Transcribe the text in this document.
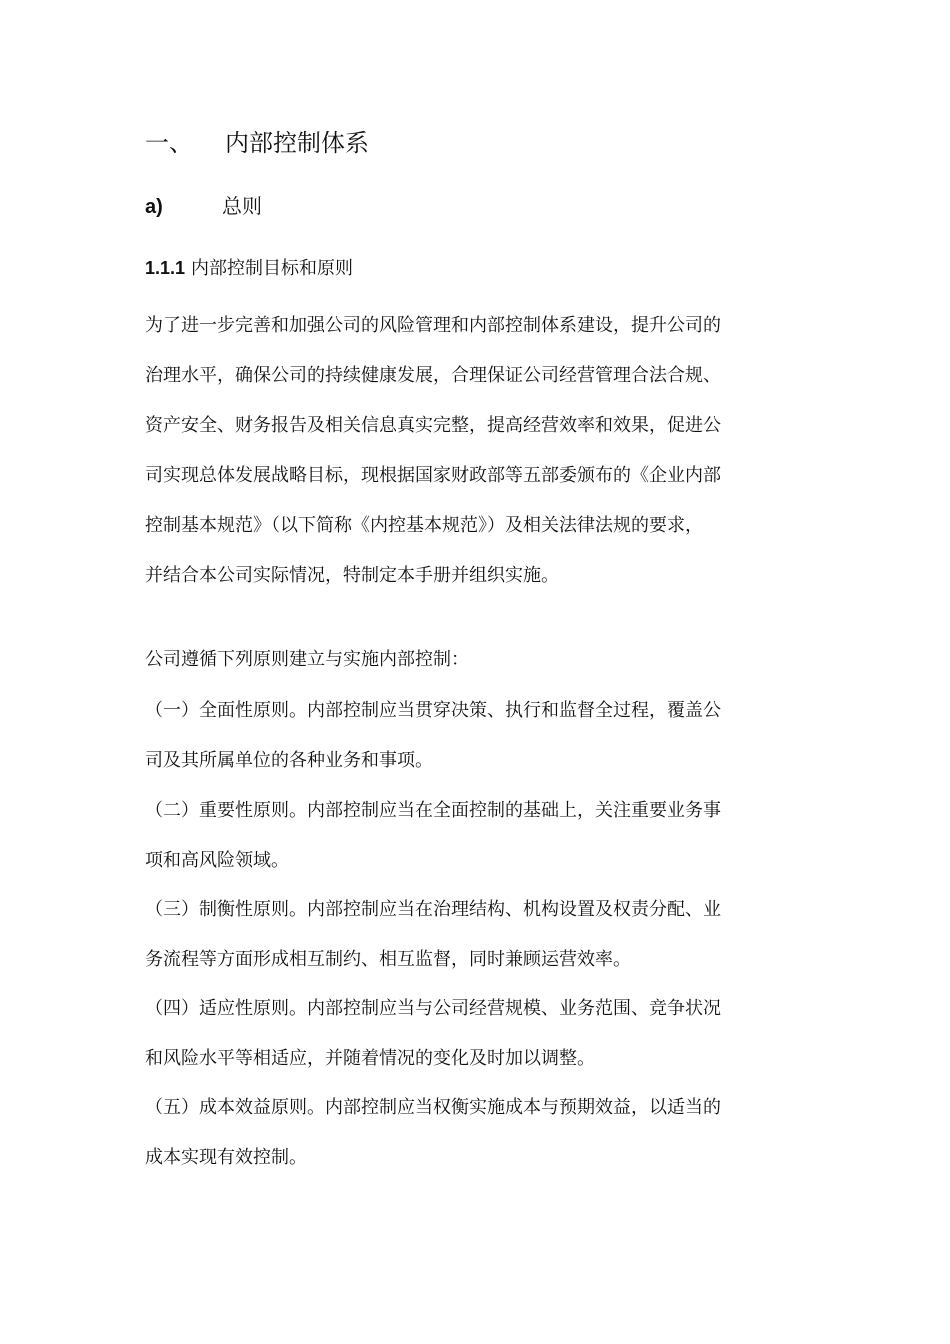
一、 内部控制体系
a)	总则
1.1.1 内部控制目标和原则

为了进一步完善和加强公司的风险管理和内部控制体系建设，提升公司的
治理水平，确保公司的持续健康发展，合理保证公司经营管理合法合规、
资产安全、财务报告及相关信息真实完整，提高经营效率和效果，促进公
司实现总体发展战略目标，现根据国家财政部等五部委颁布的《企业内部
控制基本规范》（以下简称《内控基本规范》）及相关法律法规的要求，
并结合本公司实际情况，特制定本手册并组织实施。

公司遵循下列原则建立与实施内部控制：

（一）全面性原则。内部控制应当贯穿决策、执行和监督全过程，覆盖公
司及其所属单位的各种业务和事项。

（二）重要性原则。内部控制应当在全面控制的基础上，关注重要业务事
项和高风险领域。

（三）制衡性原则。内部控制应当在治理结构、机构设置及权责分配、业
务流程等方面形成相互制约、相互监督，同时兼顾运营效率。

（四）适应性原则。内部控制应当与公司经营规模、业务范围、竞争状况
和风险水平等相适应，并随着情况的变化及时加以调整。

（五）成本效益原则。内部控制应当权衡实施成本与预期效益，以适当的
成本实现有效控制。
